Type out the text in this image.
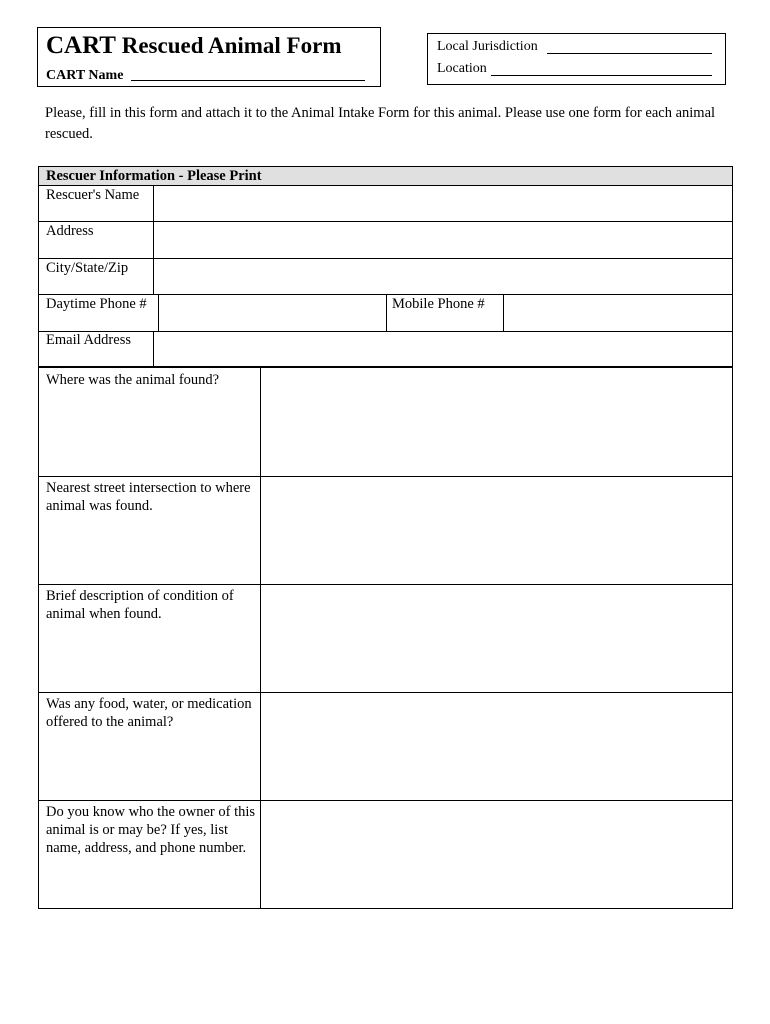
CART Rescued Animal Form
CART Name
Local Jurisdiction
Location
Please, fill in this form and attach it to the Animal Intake Form for this animal. Please use one form for each animal rescued.
Rescuer Information - Please Print
Rescuer's Name
Address
City/State/Zip
Daytime Phone #	Mobile Phone #
Email Address
Where was the animal found?
Nearest street intersection to where animal was found.
Brief description of condition of animal when found.
Was any food, water, or medication offered to the animal?
Do you know who the owner of this animal is or may be? If yes, list name, address, and phone number.
